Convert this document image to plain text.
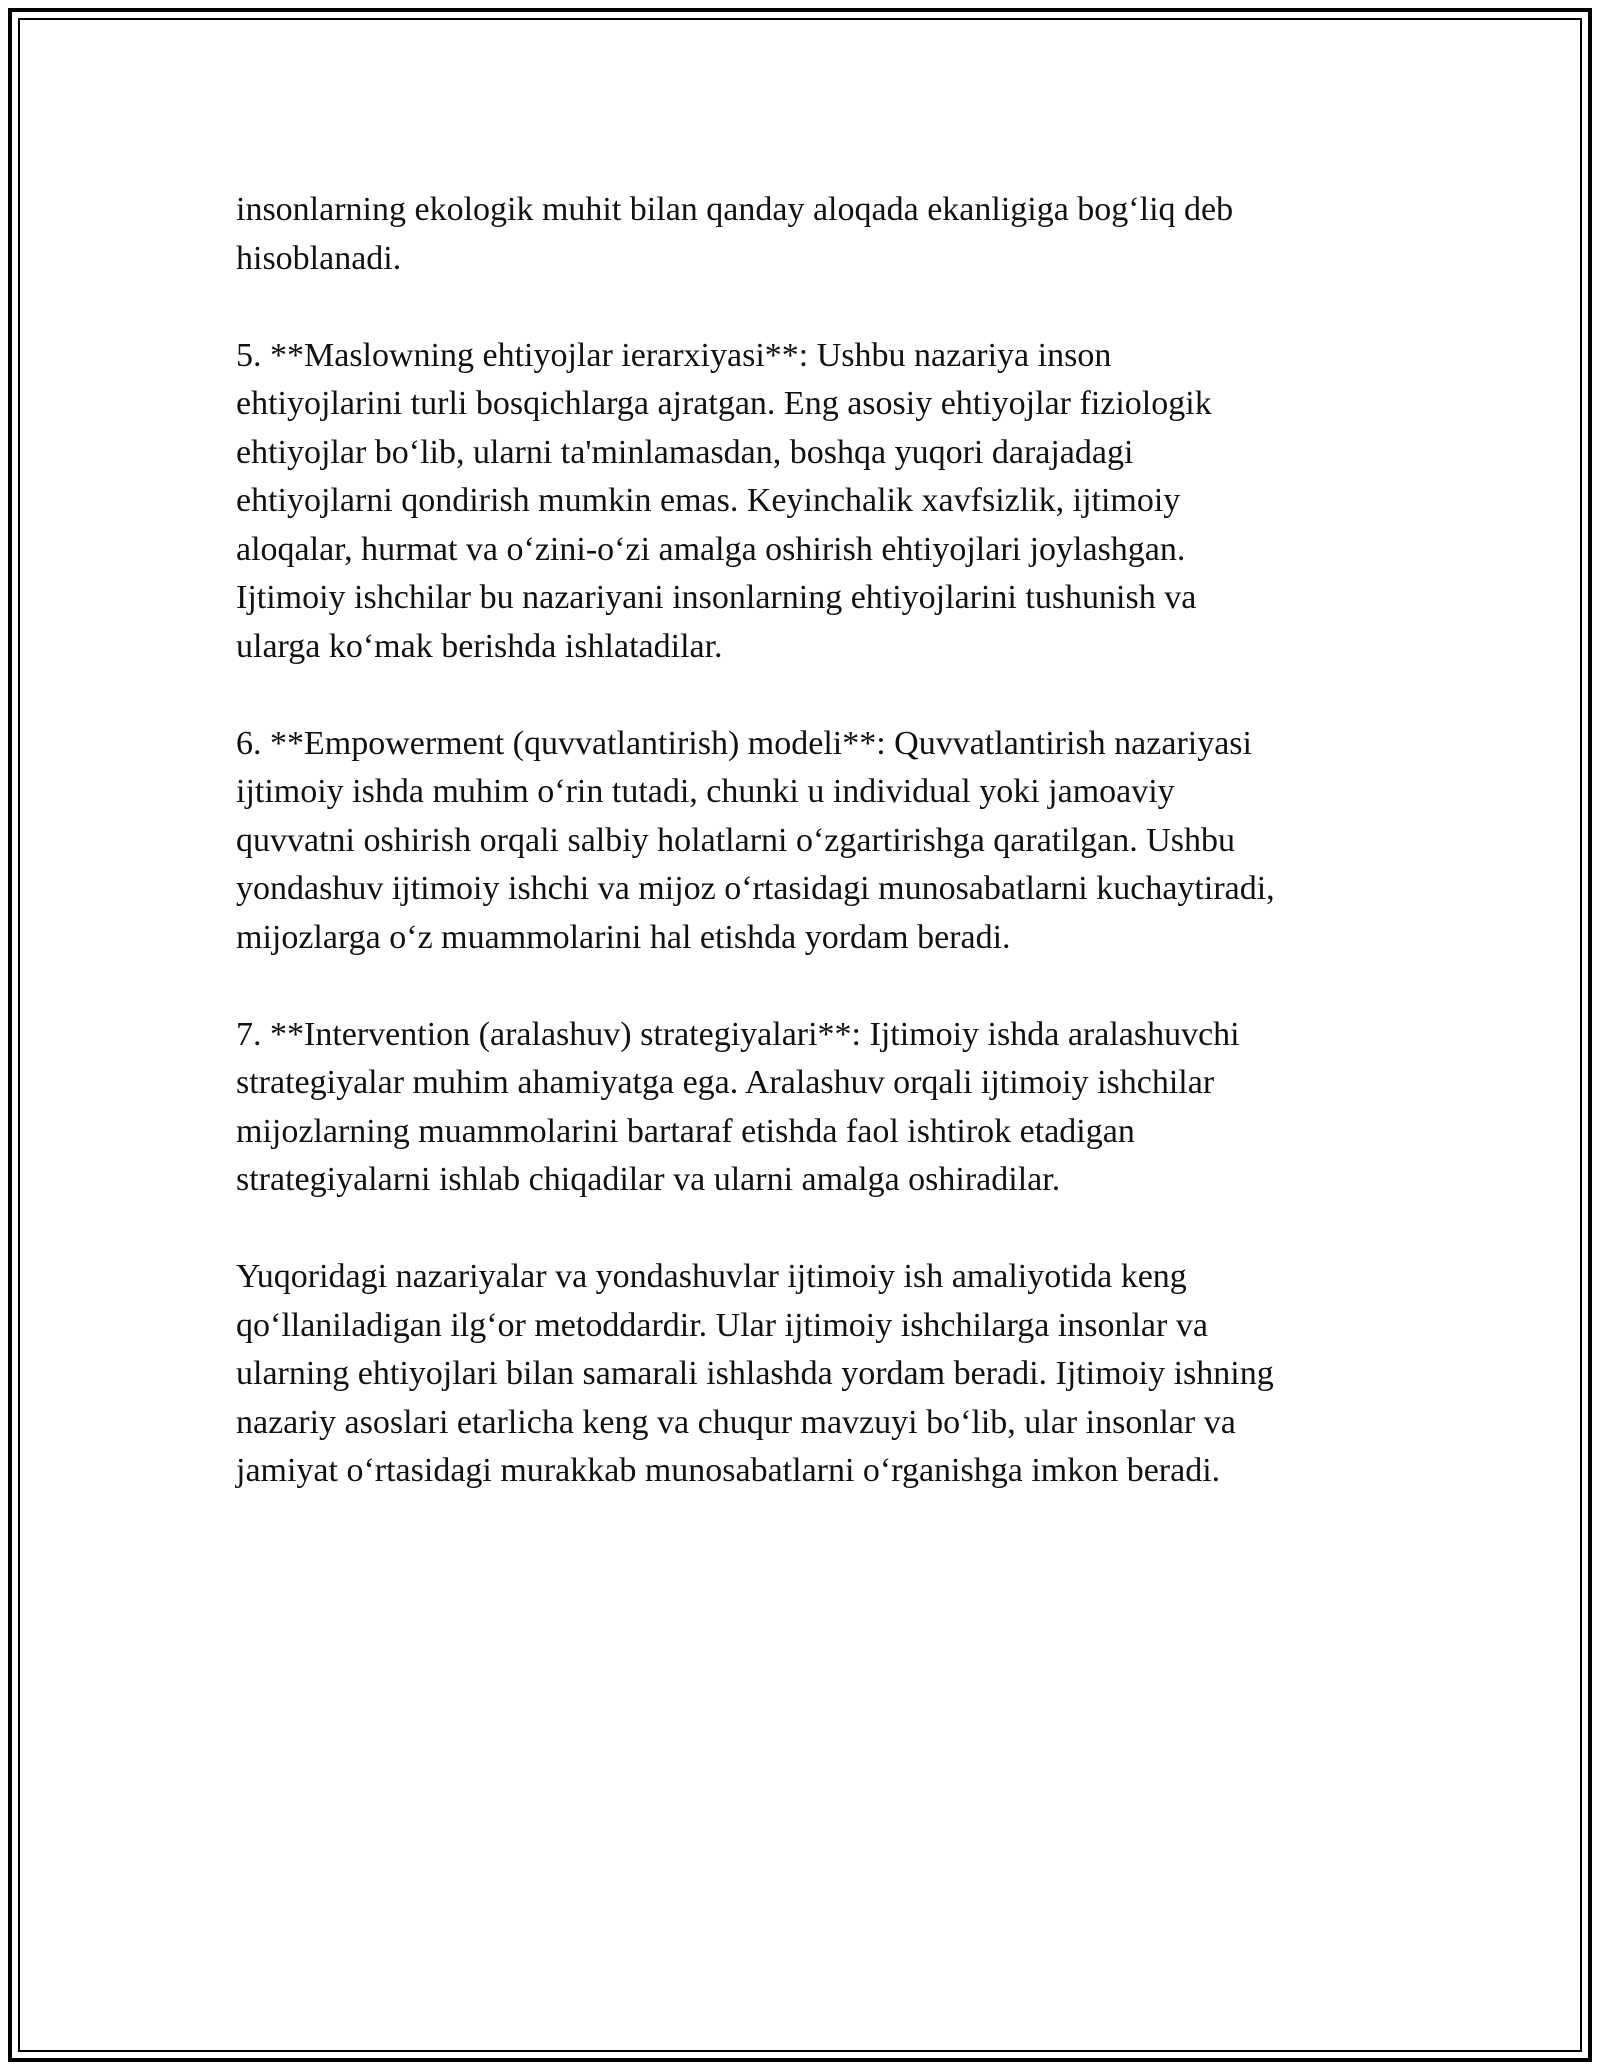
insonlarning ekologik muhit bilan qanday aloqada ekanligiga bog‘liq deb
hisoblanadi.

5. **Maslowning ehtiyojlar ierarxiyasi**: Ushbu nazariya inson
ehtiyojlarini turli bosqichlarga ajratgan. Eng asosiy ehtiyojlar fiziologik
ehtiyojlar bo‘lib, ularni ta'minlamasdan, boshqa yuqori darajadagi
ehtiyojlarni qondirish mumkin emas. Keyinchalik xavfsizlik, ijtimoiy
aloqalar, hurmat va o‘zini-o‘zi amalga oshirish ehtiyojlari joylashgan.
Ijtimoiy ishchilar bu nazariyani insonlarning ehtiyojlarini tushunish va
ularga ko‘mak berishda ishlatadilar.

6. **Empowerment (quvvatlantirish) modeli**: Quvvatlantirish nazariyasi
ijtimoiy ishda muhim o‘rin tutadi, chunki u individual yoki jamoaviy
quvvatni oshirish orqali salbiy holatlarni o‘zgartirishga qaratilgan. Ushbu
yondashuv ijtimoiy ishchi va mijoz o‘rtasidagi munosabatlarni kuchaytiradi,
mijozlarga o‘z muammolarini hal etishda yordam beradi.

7. **Intervention (aralashuv) strategiyalari**: Ijtimoiy ishda aralashuvchi
strategiyalar muhim ahamiyatga ega. Aralashuv orqali ijtimoiy ishchilar
mijozlarning muammolarini bartaraf etishda faol ishtirok etadigan
strategiyalarni ishlab chiqadilar va ularni amalga oshiradilar.

Yuqoridagi nazariyalar va yondashuvlar ijtimoiy ish amaliyotida keng
qo‘llaniladigan ilg‘or metoddardir. Ular ijtimoiy ishchilarga insonlar va
ularning ehtiyojlari bilan samarali ishlashda yordam beradi. Ijtimoiy ishning
nazariy asoslari etarlicha keng va chuqur mavzuyi bo‘lib, ular insonlar va
jamiyat o‘rtasidagi murakkab munosabatlarni o‘rganishga imkon beradi.
